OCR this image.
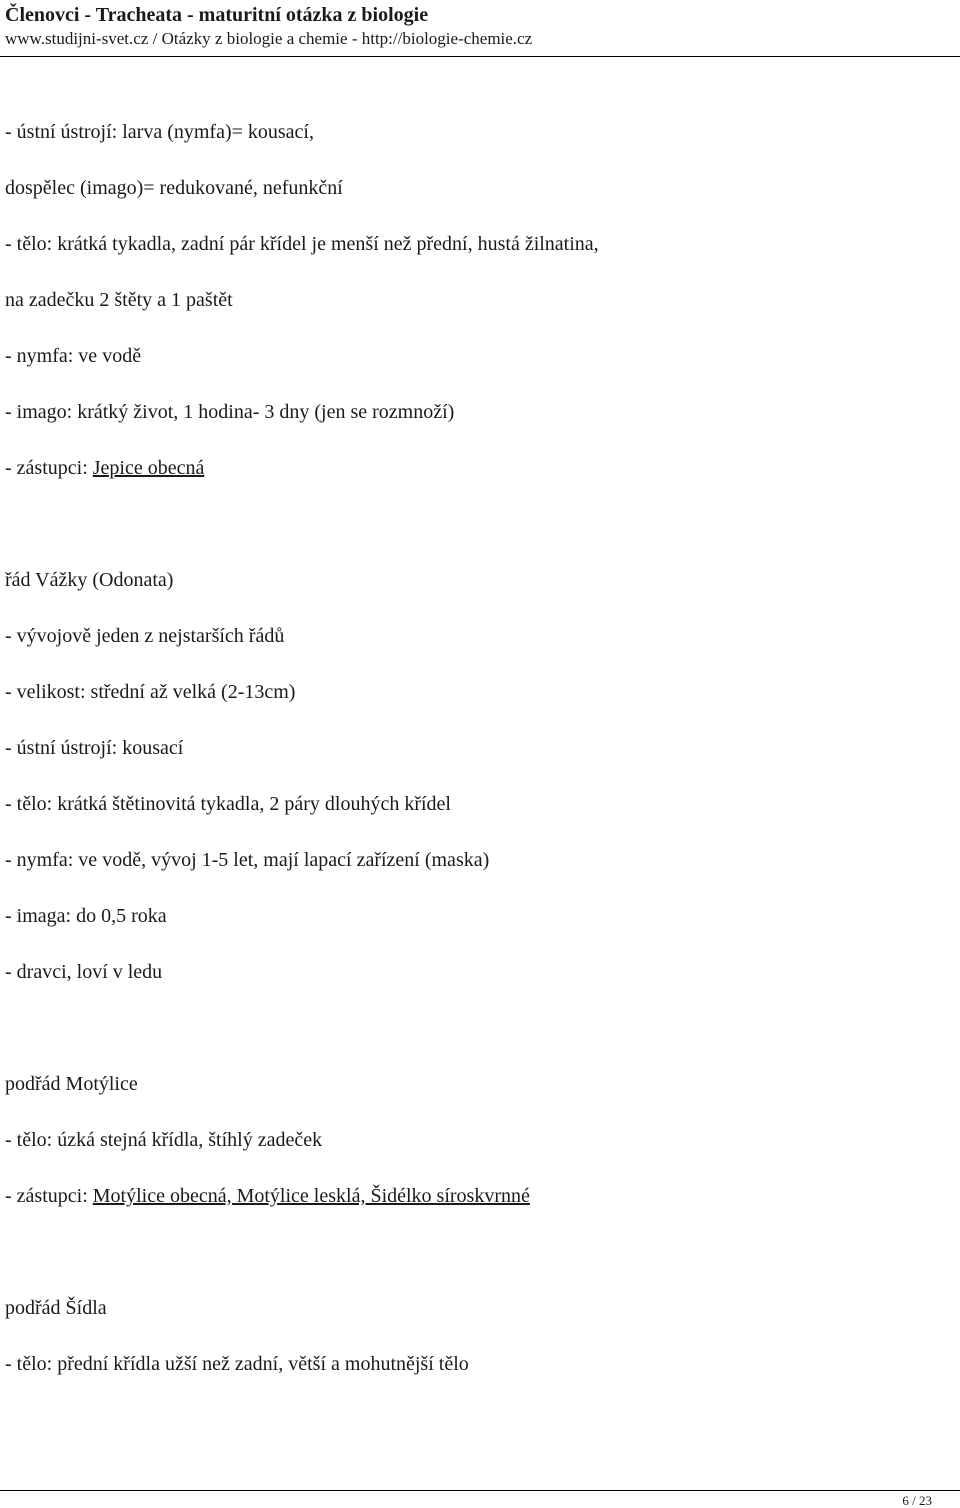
Členovci - Tracheata - maturitní otázka z biologie
www.studijni-svet.cz / Otázky z biologie a chemie - http://biologie-chemie.cz
- ústní ústrojí: larva (nymfa)= kousací,
dospělec (imago)= redukované, nefunkční
- tělo: krátká tykadla, zadní pár křídel je menší než přední, hustá žilnatina,
na zadečku 2 štěty a 1 paštět
- nymfa: ve vodě
- imago: krátký život, 1 hodina- 3 dny (jen se rozmnoží)
- zástupci: Jepice obecná
řád Vážky (Odonata)
- vývojově jeden z nejstarších řádů
- velikost: střední až velká (2-13cm)
- ústní ústrojí: kousací
- tělo: krátká štětinovitá tykadla, 2 páry dlouhých křídel
- nymfa: ve vodě, vývoj 1-5 let, mají lapací zařízení (maska)
- imaga: do 0,5 roka
- dravci, loví v ledu
podřád Motýlice
- tělo: úzká stejná křídla, štíhlý zadeček
- zástupci: Motýlice obecná, Motýlice lesklá, Šidélko síroskvrnné
podřád Šídla
- tělo: přední křídla užší než zadní, větší a mohutnější tělo
6 / 23
